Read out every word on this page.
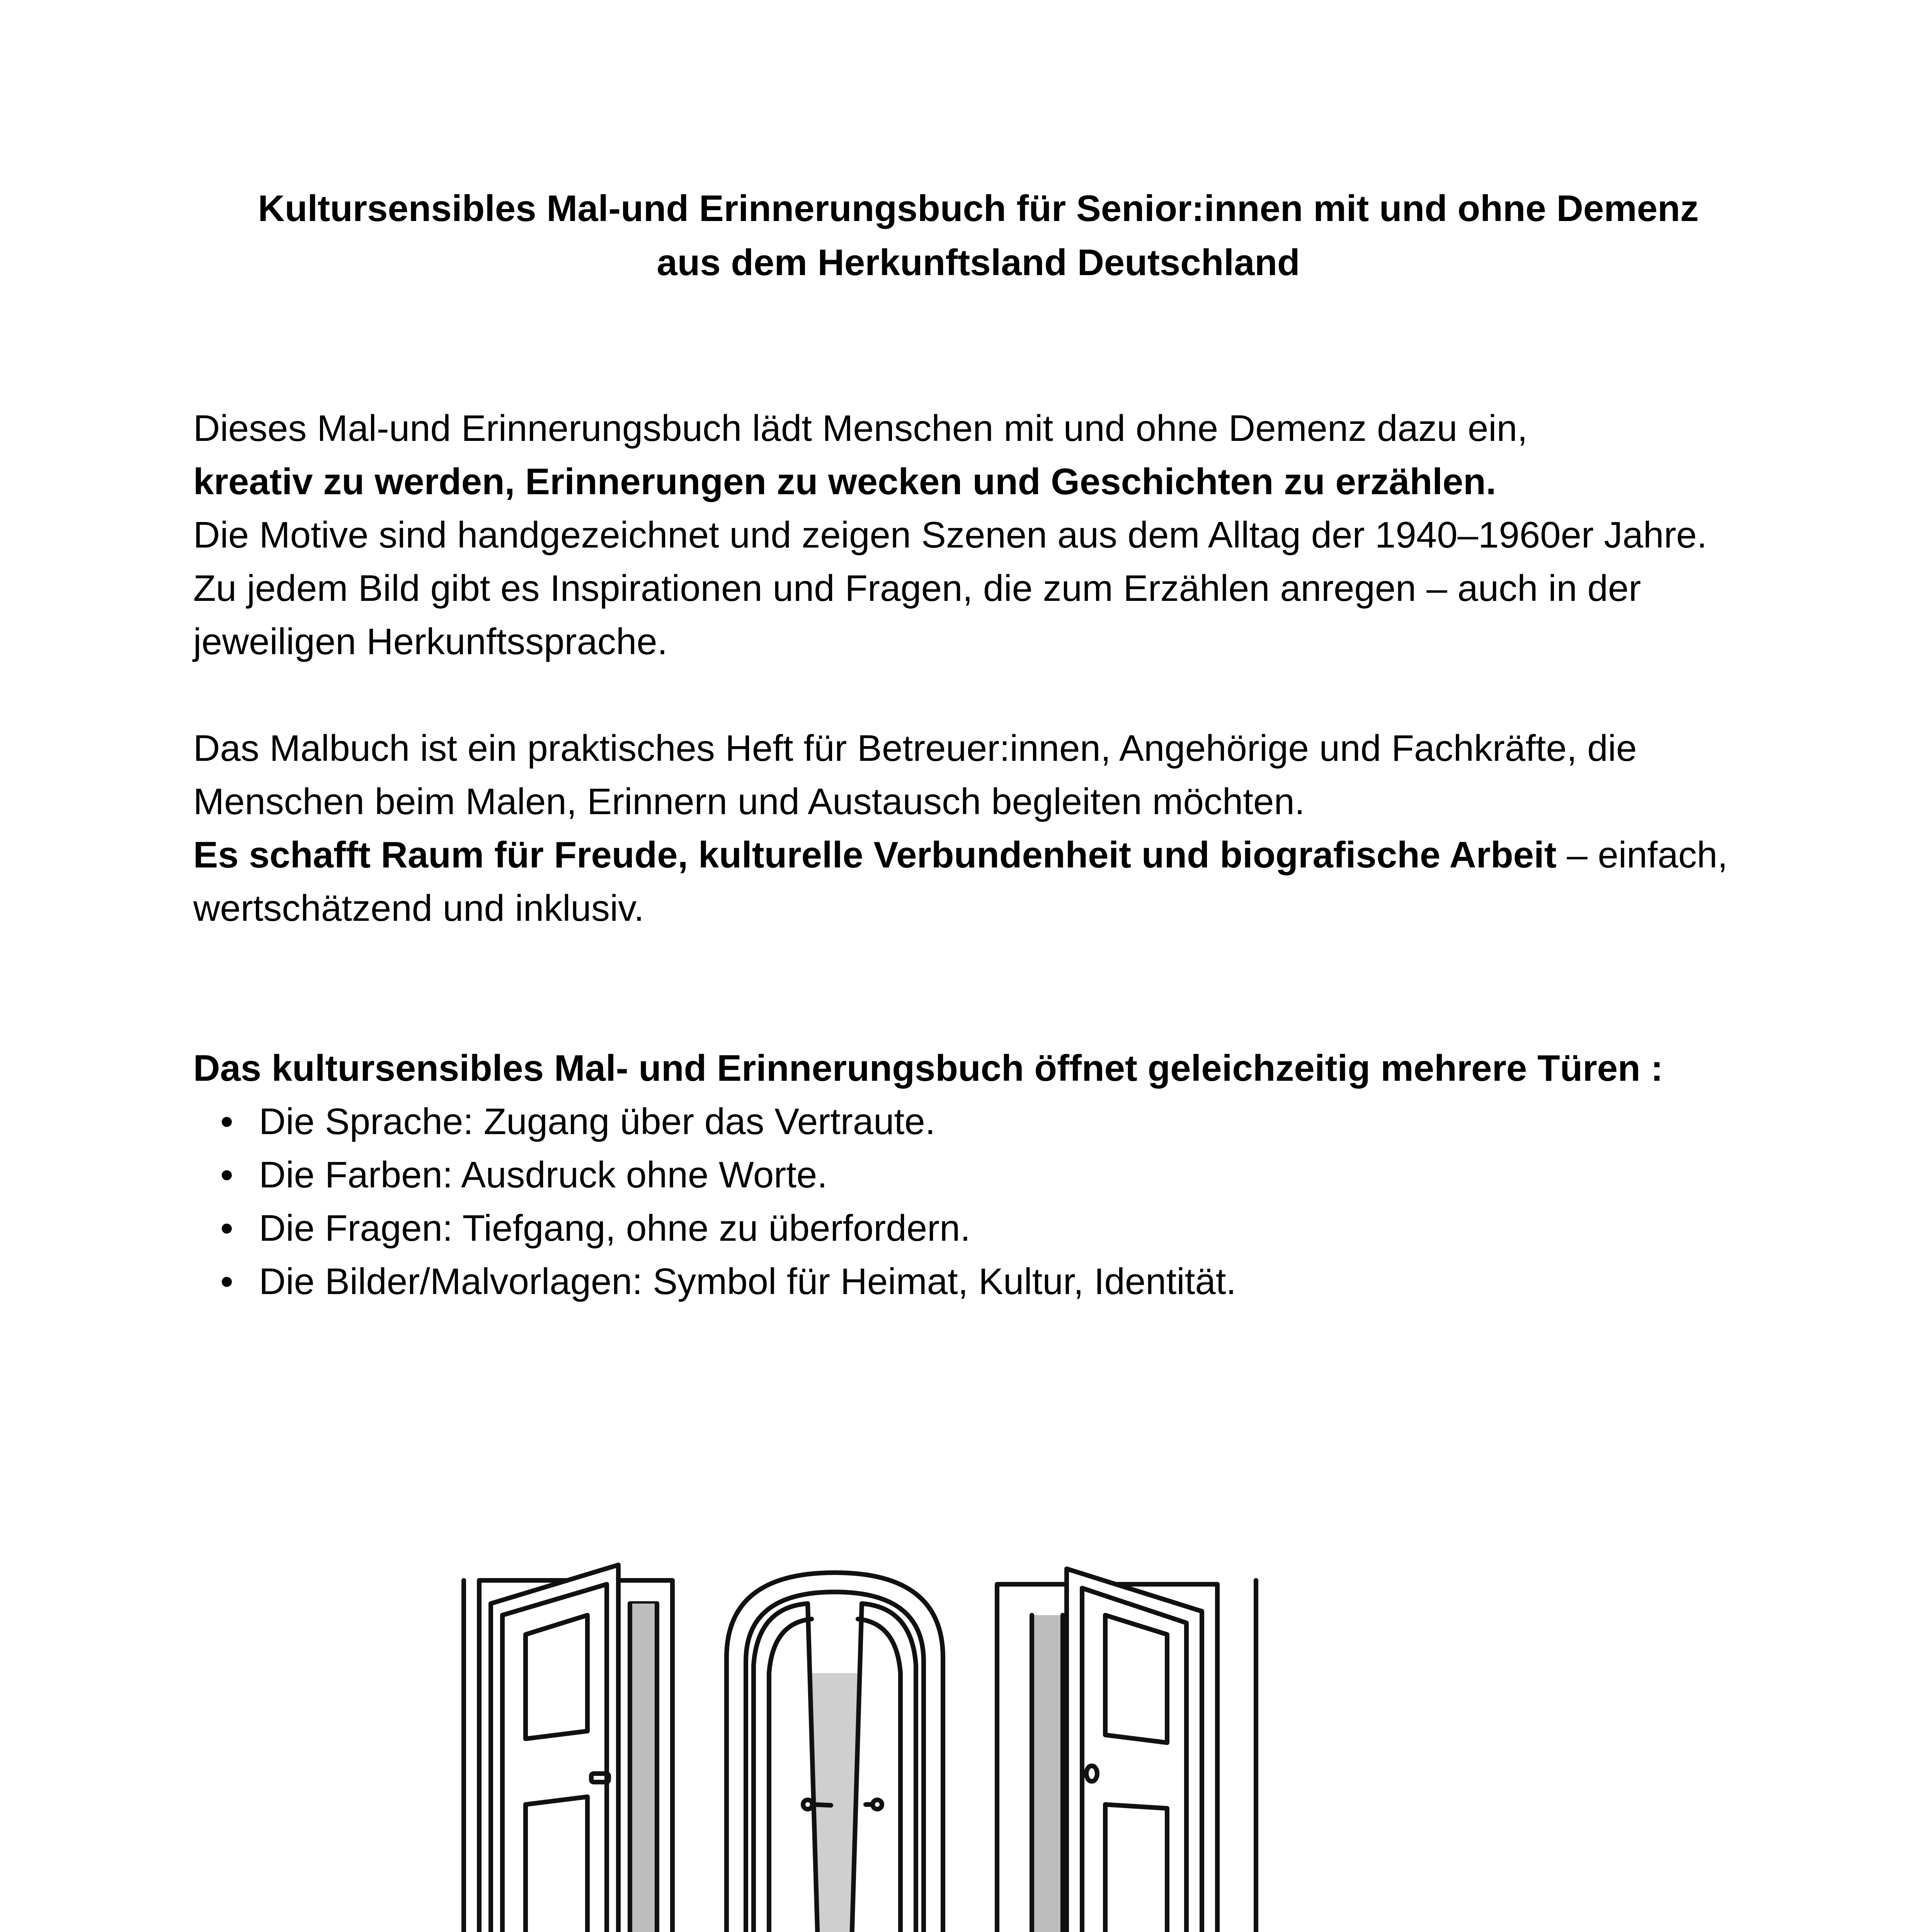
Kultursensibles Mal-und Erinnerungsbuch für Senior:innen mit und ohne Demenz
aus dem Herkunftsland Deutschland

Dieses Mal-und Erinnerungsbuch lädt Menschen mit und ohne Demenz dazu ein,
kreativ zu werden, Erinnerungen zu wecken und Geschichten zu erzählen.
Die Motive sind handgezeichnet und zeigen Szenen aus dem Alltag der 1940–1960er Jahre.
Zu jedem Bild gibt es Inspirationen und Fragen, die zum Erzählen anregen – auch in der jeweiligen Herkunftssprache.

Das Malbuch ist ein praktisches Heft für Betreuer:innen, Angehörige und Fachkräfte, die Menschen beim Malen, Erinnern und Austausch begleiten möchten.
Es schafft Raum für Freude, kulturelle Verbundenheit und biografische Arbeit – einfach, wertschätzend und inklusiv.

Das kultursensibles Mal- und Erinnerungsbuch öffnet geleichzeitig mehrere Türen :

• Die Sprache: Zugang über das Vertraute.
• Die Farben: Ausdruck ohne Worte.
• Die Fragen: Tiefgang, ohne zu überfordern.
• Die Bilder/Malvorlagen: Symbol für Heimat, Kultur, Identität.
